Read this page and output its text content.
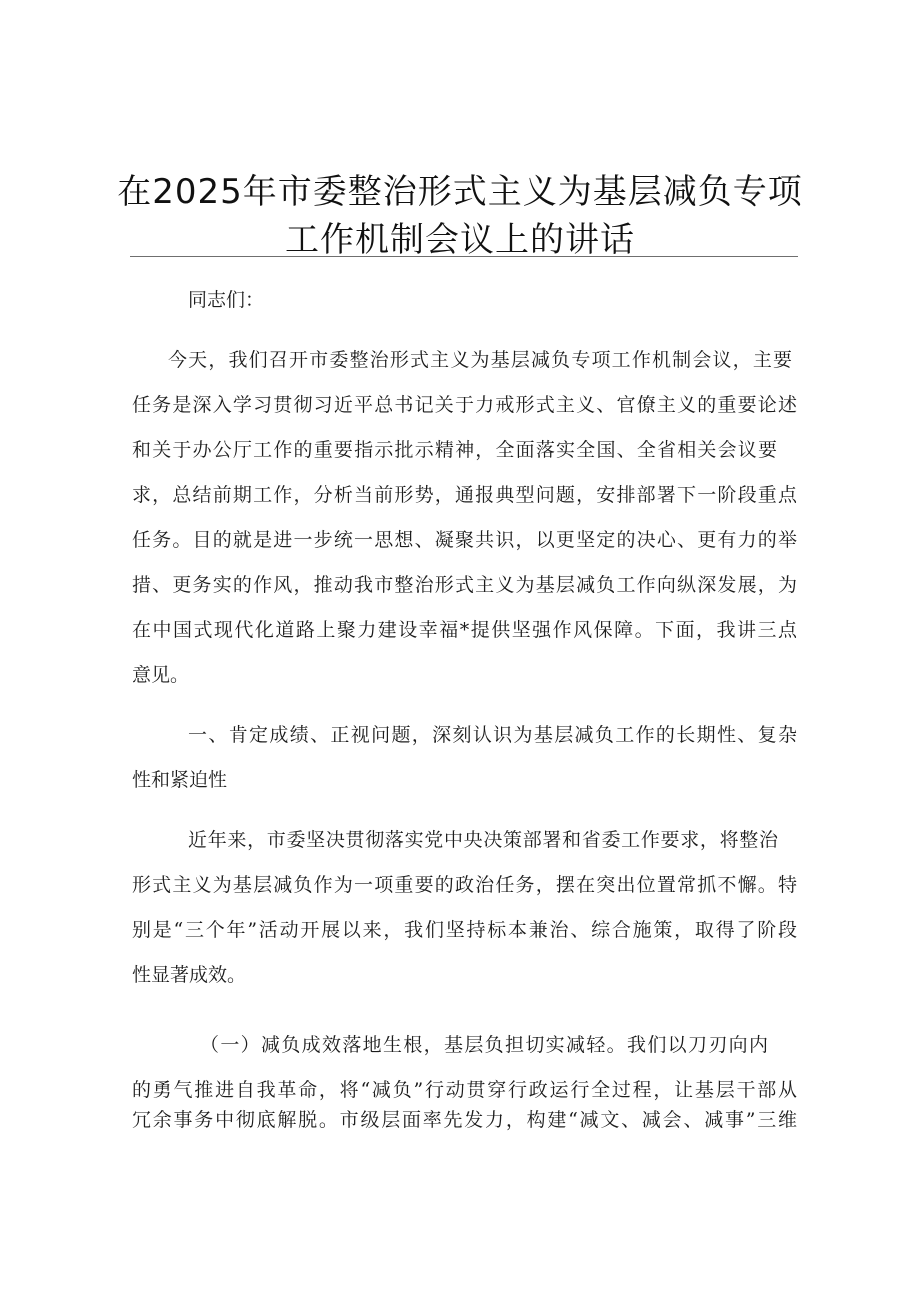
在2025年市委整治形式主义为基层减负专项
工作机制会议上的讲话
同志们：
今天，我们召开市委整治形式主义为基层减负专项工作机制会议，主要
任务是深入学习贯彻习近平总书记关于力戒形式主义、官僚主义的重要论述
和关于办公厅工作的重要指示批示精神，全面落实全国、全省相关会议要
求，总结前期工作，分析当前形势，通报典型问题，安排部署下一阶段重点
任务。目的就是进一步统一思想、凝聚共识，以更坚定的决心、更有力的举
措、更务实的作风，推动我市整治形式主义为基层减负工作向纵深发展，为
在中国式现代化道路上聚力建设幸福*提供坚强作风保障。下面，我讲三点
意见。
一、肯定成绩、正视问题，深刻认识为基层减负工作的长期性、复杂
性和紧迫性
近年来，市委坚决贯彻落实党中央决策部署和省委工作要求，将整治
形式主义为基层减负作为一项重要的政治任务，摆在突出位置常抓不懈。特
别是“三个年”活动开展以来，我们坚持标本兼治、综合施策，取得了阶段
性显著成效。
（一）减负成效落地生根，基层负担切实减轻。我们以刀刃向内
的勇气推进自我革命，将“减负”行动贯穿行政运行全过程，让基层干部从
冗余事务中彻底解脱。市级层面率先发力，构建“减文、减会、减事”三维
